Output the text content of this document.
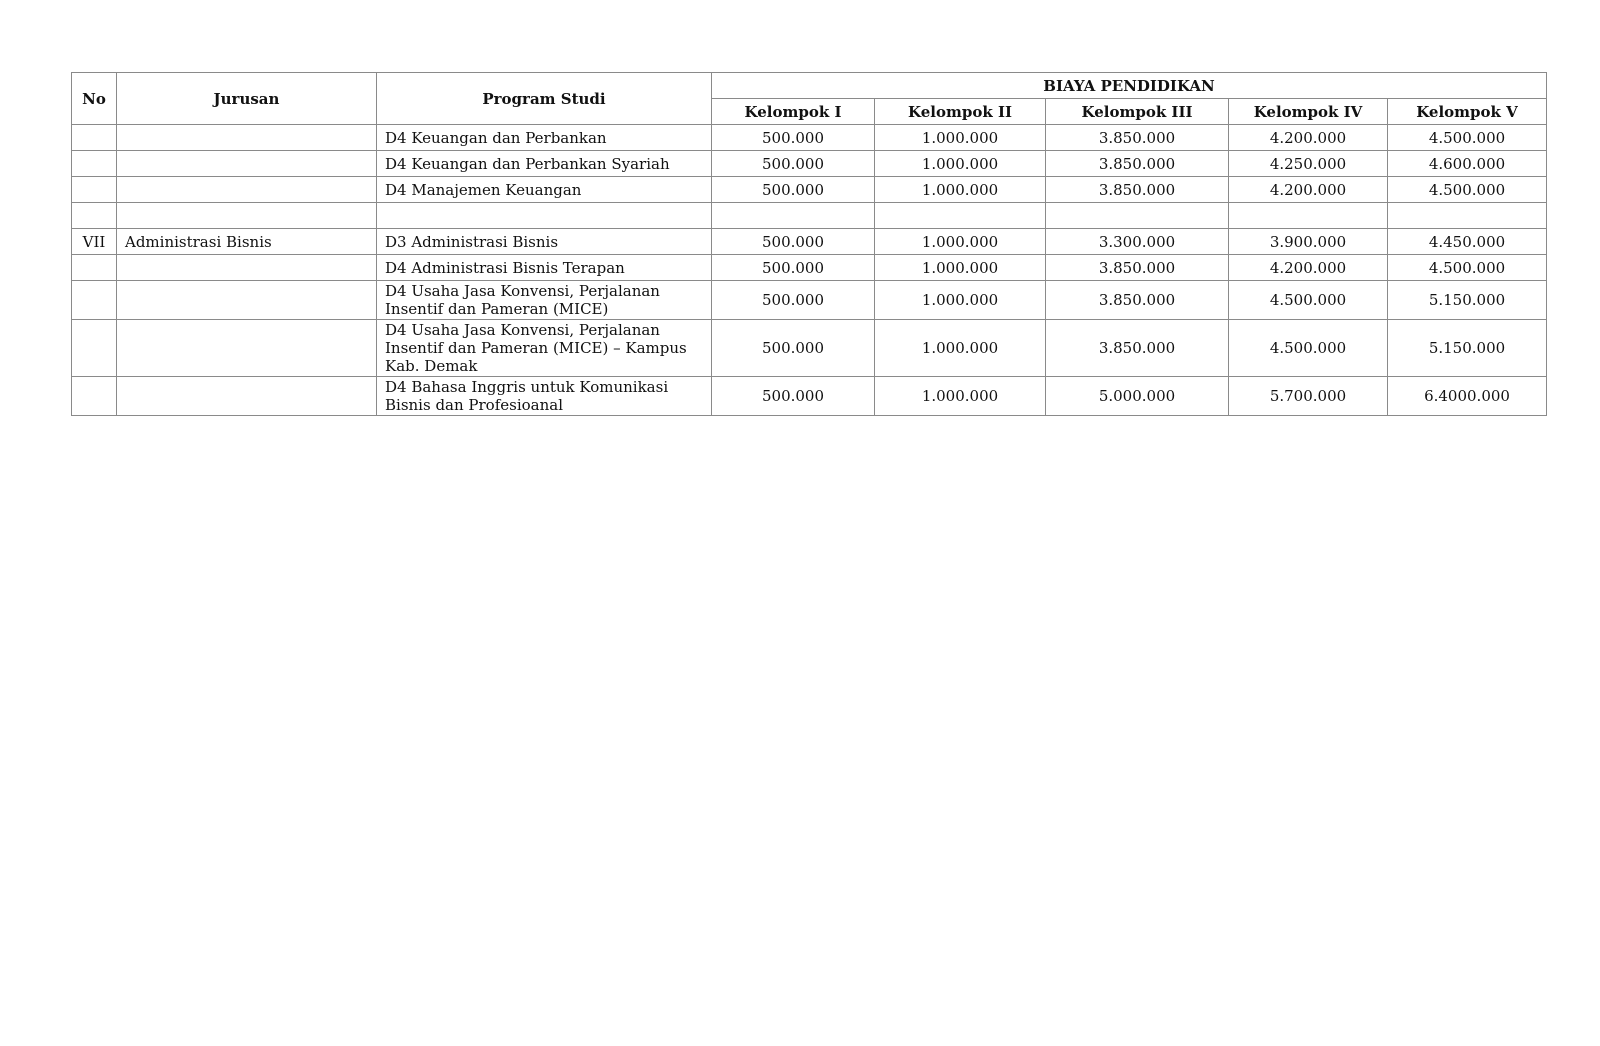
No	Jurusan	Program Studi	BIAYA PENDIDIKAN				
			Kelompok I	Kelompok II	Kelompok III	Kelompok IV	Kelompok V
		D4 Keuangan dan Perbankan	500.000	1.000.000	3.850.000	4.200.000	4.500.000
		D4 Keuangan dan Perbankan Syariah	500.000	1.000.000	3.850.000	4.250.000	4.600.000
		D4 Manajemen Keuangan	500.000	1.000.000	3.850.000	4.200.000	4.500.000

VII	Administrasi Bisnis	D3 Administrasi Bisnis	500.000	1.000.000	3.300.000	3.900.000	4.450.000
		D4 Administrasi Bisnis Terapan	500.000	1.000.000	3.850.000	4.200.000	4.500.000
		D4 Usaha Jasa Konvensi, Perjalanan Insentif dan Pameran (MICE)	500.000	1.000.000	3.850.000	4.500.000	5.150.000
		D4 Usaha Jasa Konvensi, Perjalanan Insentif dan Pameran (MICE) – Kampus Kab. Demak	500.000	1.000.000	3.850.000	4.500.000	5.150.000
		D4 Bahasa Inggris untuk Komunikasi Bisnis dan Profesioanal	500.000	1.000.000	5.000.000	5.700.000	6.4000.000
